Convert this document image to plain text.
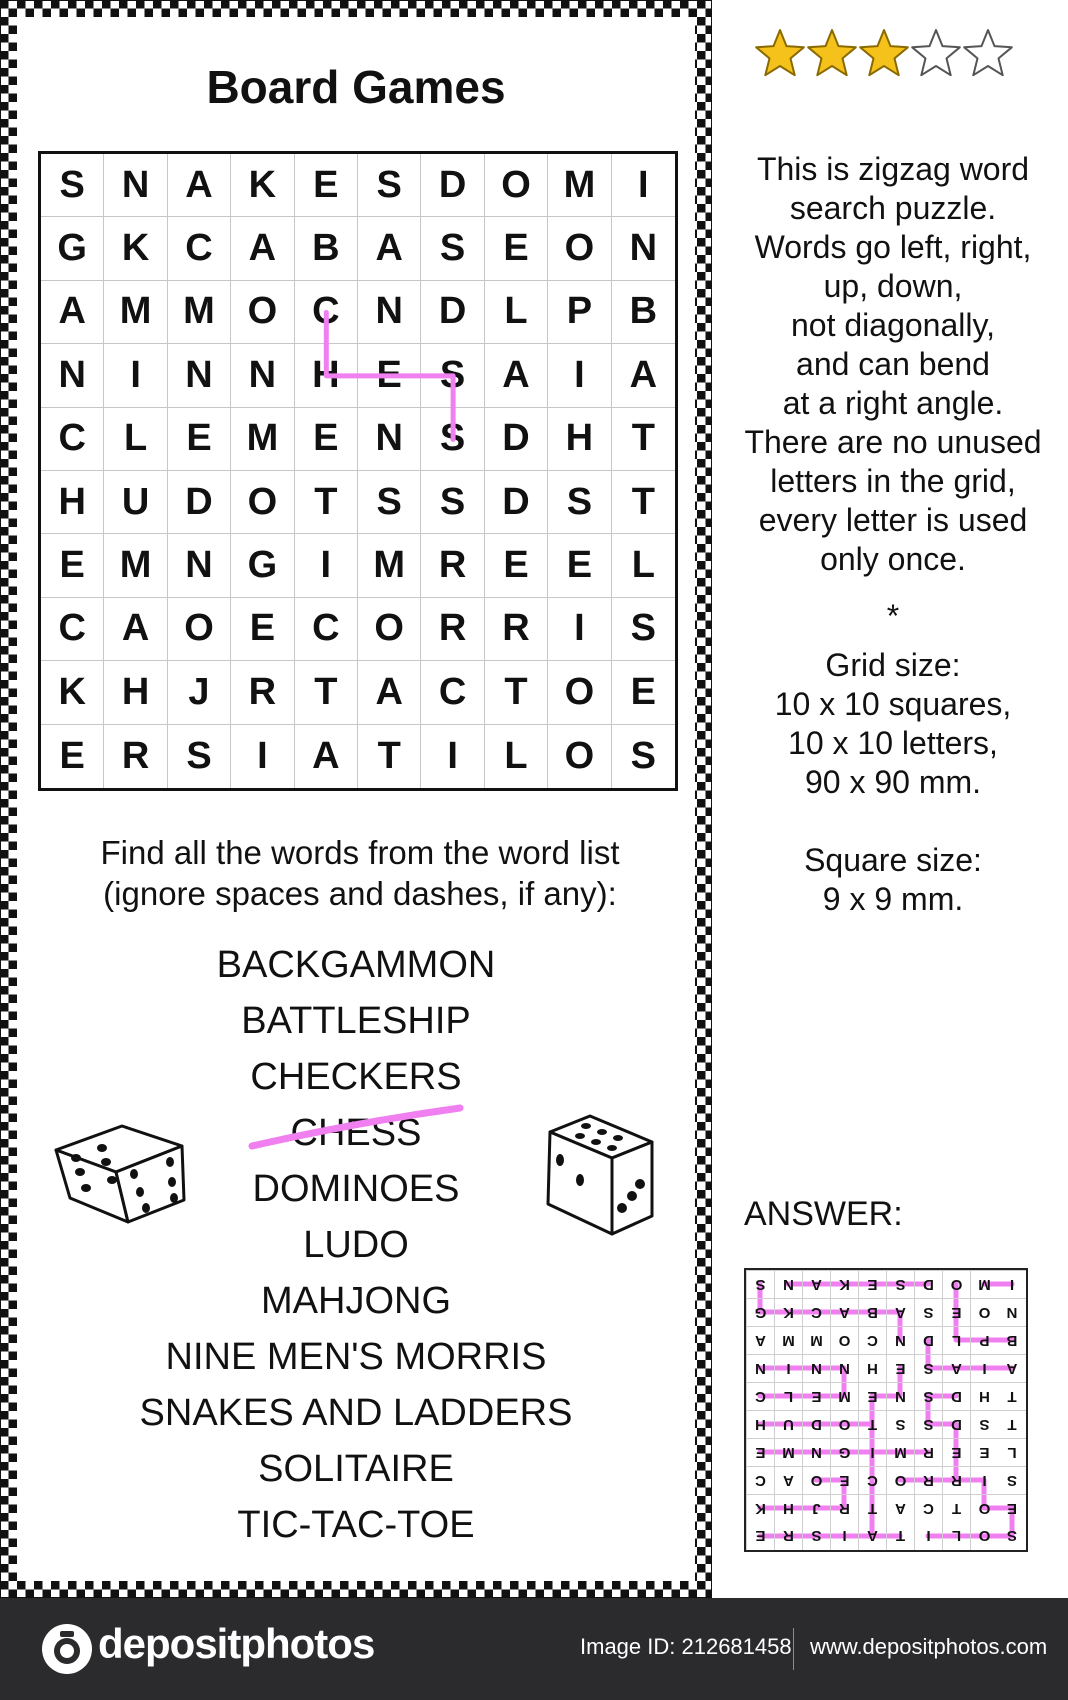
Board Games
S N A K E	S D O M	I
G K C A B A S	E O N
A M M O C N D	L	P B
N	I	N N H E	S A	I	A
C	L	E M E N S D H	T
H U D O T	S	S D S	T
E M N G	I	M R E	E	L
C A O E C O R R	I	S
K H	J	R	T	A C	T O E
E R S	I	A	T	I	L O S
Find all the words from the word list
(ignore spaces and dashes, if any):
BACKGAMMON
BATTLESHIP
CHECKERS
CHESS
DOMINOES
LUDO
MAHJONG
NINE MEN'S MORRIS
SNAKES AND LADDERS
SOLITAIRE
TIC-TAC-TOE
This is zigzag word
search puzzle.
Words go left, right,
up, down,
not diagonally,
and can bend
at a right angle.
There are no unused
letters in the grid,
every letter is used
only once.
*
Grid size:
10 x 10 squares,
10 x 10 letters,
90 x 90 mm.
Square size:
9 x 9 mm.
ANSWER:
S	N	A	K	E	S	D	O	M	I
G	K	C	A	B	A	S	E	O	N
A	M	M	O	C	N	D	L	P	B
N	I	N	N	H	E	S	A	I	A
C	L	E	M	E	N	S	D	H	T
H	U	D	O	T	S	S	D	S	T
E	M	N	G	I	M	R	E	E	L
C	A	O	E	C	O	R	R	I	S
K	H	J	R	T	A	C	T	O	E
E	R	S	I	A	T	I	L	O	S
depositphotos	Image ID: 212681458 www.depositphotos.com
